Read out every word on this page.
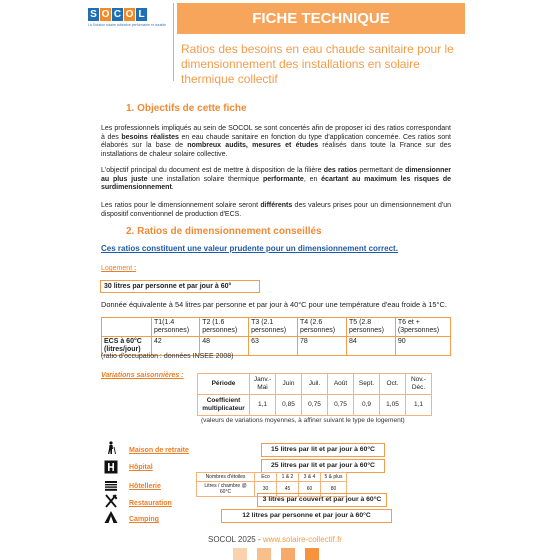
S O C O L
La Solution solaire collective performante et durable	FICHE TECHNIQUE
Ratios des besoins en eau chaude sanitaire pour le dimensionnement des installations en solaire thermique collectif
1. Objectifs de cette fiche
Les professionnels impliqués au sein de SOCOL se sont concertés afin de proposer ici des ratios correspondant à des besoins réalistes en eau chaude sanitaire en fonction du type d'application concernée. Ces ratios sont élaborés sur la base de nombreux audits, mesures et études réalisés dans toute la France sur des installations de chaleur solaire collective.
L'objectif principal du document est de mettre à disposition de la filière des ratios permettant de dimensionner au plus juste une installation solaire thermique performante, en écartant au maximum les risques de surdimensionnement.
Les ratios pour le dimensionnement solaire seront différents des valeurs prises pour un dimensionnement d'un dispositif conventionnel de production d'ECS.
2. Ratios de dimensionnement conseillés
Ces ratios constituent une valeur prudente pour un dimensionnement correct.
Logement :
30 litres par personne et par jour à 60°
Donnée équivalente à 54 litres par personne et par jour à 40°C pour une température d'eau froide à 15°C.
	T1(1.4 personnes)	T2 (1.6 personnes)	T3 (2.1 personnes)	T4 (2.6 personnes)	T5 (2.8 personnes)	T6 et + (3personnes)
ECS à 60°C (litres/jour)	42	48	63	78	84	90
(ratio d'occupation : données INSEE 2008)
Variations saisonnières :
Période	Janv.-Mai	Juin	Juil.	Août	Sept.	Oct.	Nov.-Déc.
Coefficient multiplicateur	1,1	0,85	0,75	0,75	0,9	1,05	1,1
(valeurs de variations moyennes, à affiner suivant le type de logement)
Maison de retraite	15 litres par lit et par jour à 60°C
Hôpital	25 litres par lit et par jour à 60°C
Hôtellerie
Nombres d'étoiles	Eco	1 & 2	3 & 4	5 & plus
Litres / chambre @ 60°C	30	45	60	80
Restauration
3 litres par couvert et par jour à 60°C
Camping
12 litres par personne et par jour à 60°C
SOCOL 2025 - www.solaire-collectif.fr
